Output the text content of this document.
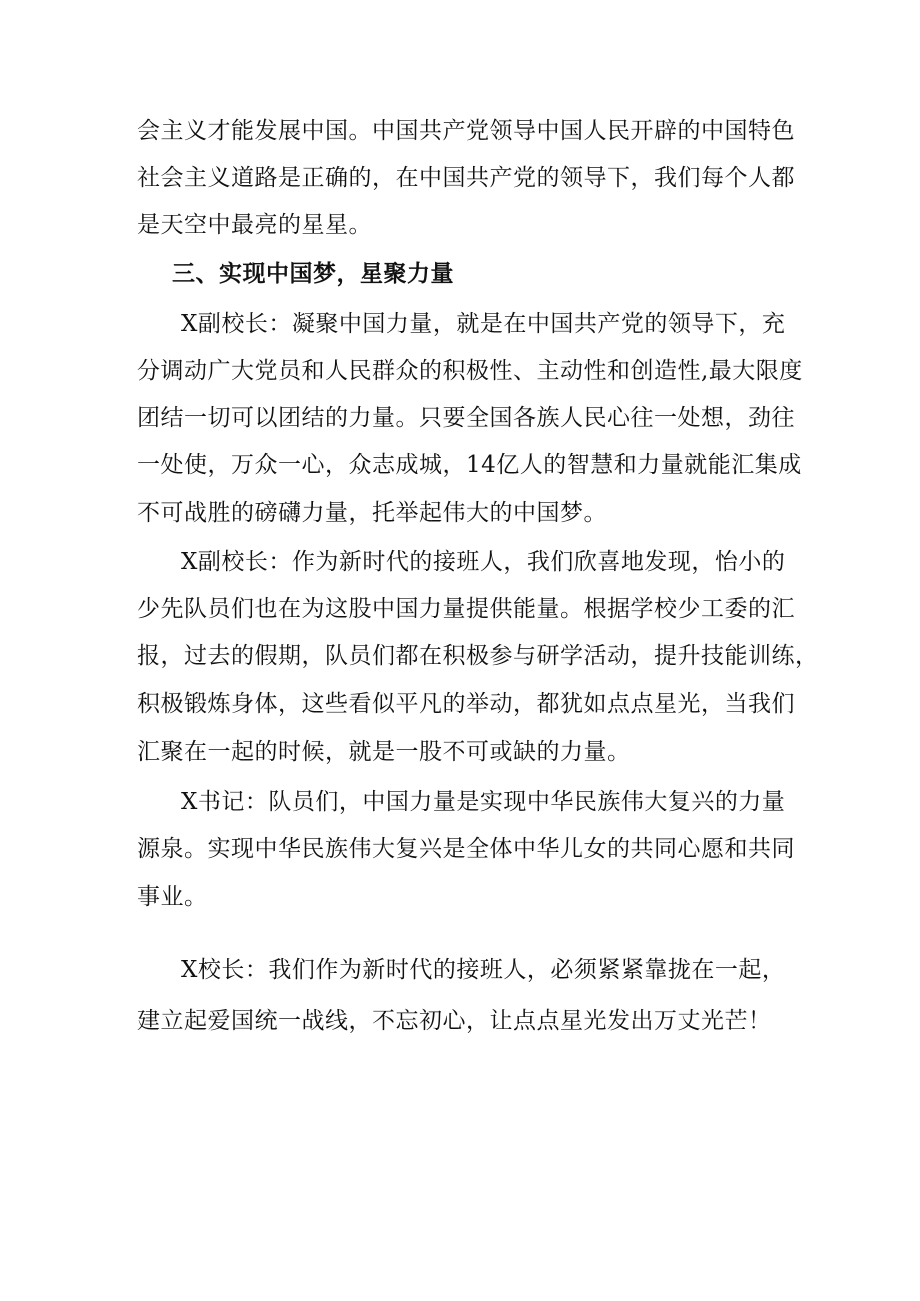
会主义才能发展中国。中国共产党领导中国人民开辟的中国特色
社会主义道路是正确的，在中国共产党的领导下，我们每个人都
是天空中最亮的星星。
三、实现中国梦，星聚力量
X副校长：凝聚中国力量，就是在中国共产党的领导下，充
分调动广大党员和人民群众的积极性、主动性和创造性,最大限度
团结一切可以团结的力量。只要全国各族人民心往一处想，劲往
一处使，万众一心，众志成城，14亿人的智慧和力量就能汇集成
不可战胜的磅礴力量，托举起伟大的中国梦。
X副校长：作为新时代的接班人，我们欣喜地发现，怡小的
少先队员们也在为这股中国力量提供能量。根据学校少工委的汇
报，过去的假期，队员们都在积极参与研学活动，提升技能训练，
积极锻炼身体，这些看似平凡的举动，都犹如点点星光，当我们
汇聚在一起的时候，就是一股不可或缺的力量。
X书记：队员们，中国力量是实现中华民族伟大复兴的力量
源泉。实现中华民族伟大复兴是全体中华儿女的共同心愿和共同
事业。
X校长：我们作为新时代的接班人，必须紧紧靠拢在一起，
建立起爱国统一战线，不忘初心，让点点星光发出万丈光芒！
